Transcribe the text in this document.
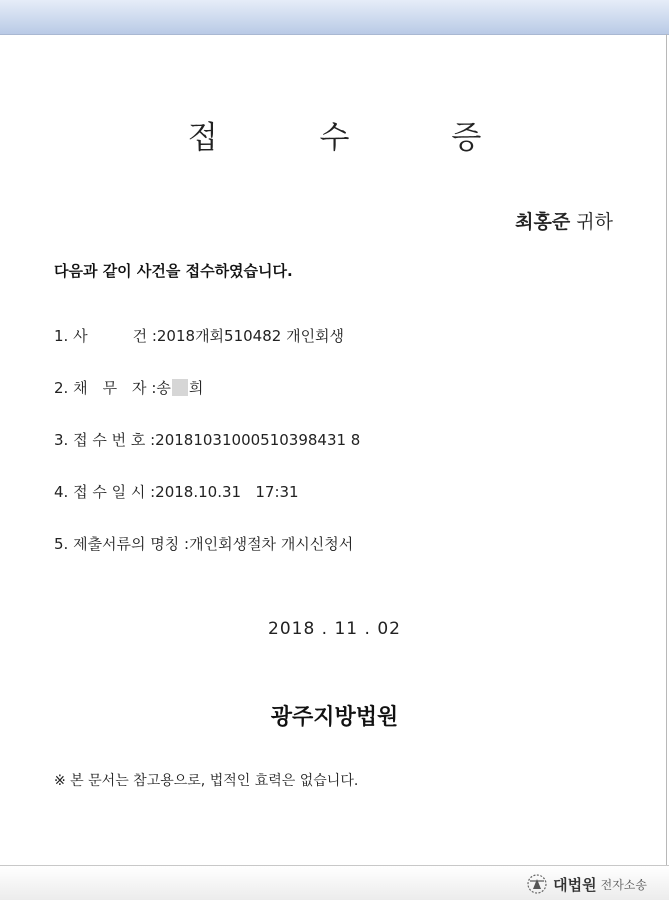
접 수 증
최홍준 귀하
다음과 같이 사건을 접수하였습니다.
1. 사　　　건 :2018개회510482 개인회생
2. 채　무　자 :송 희
3. 접 수 번 호 :20181031000510398431 8
4. 접 수 일 시 :2018.10.31   17:31
5. 제출서류의 명칭 :개인회생절차 개시신청서
2018 . 11 . 02
광주지방법원
※ 본 문서는 참고용으로, 법적인 효력은 없습니다.
대법원 전자소송
